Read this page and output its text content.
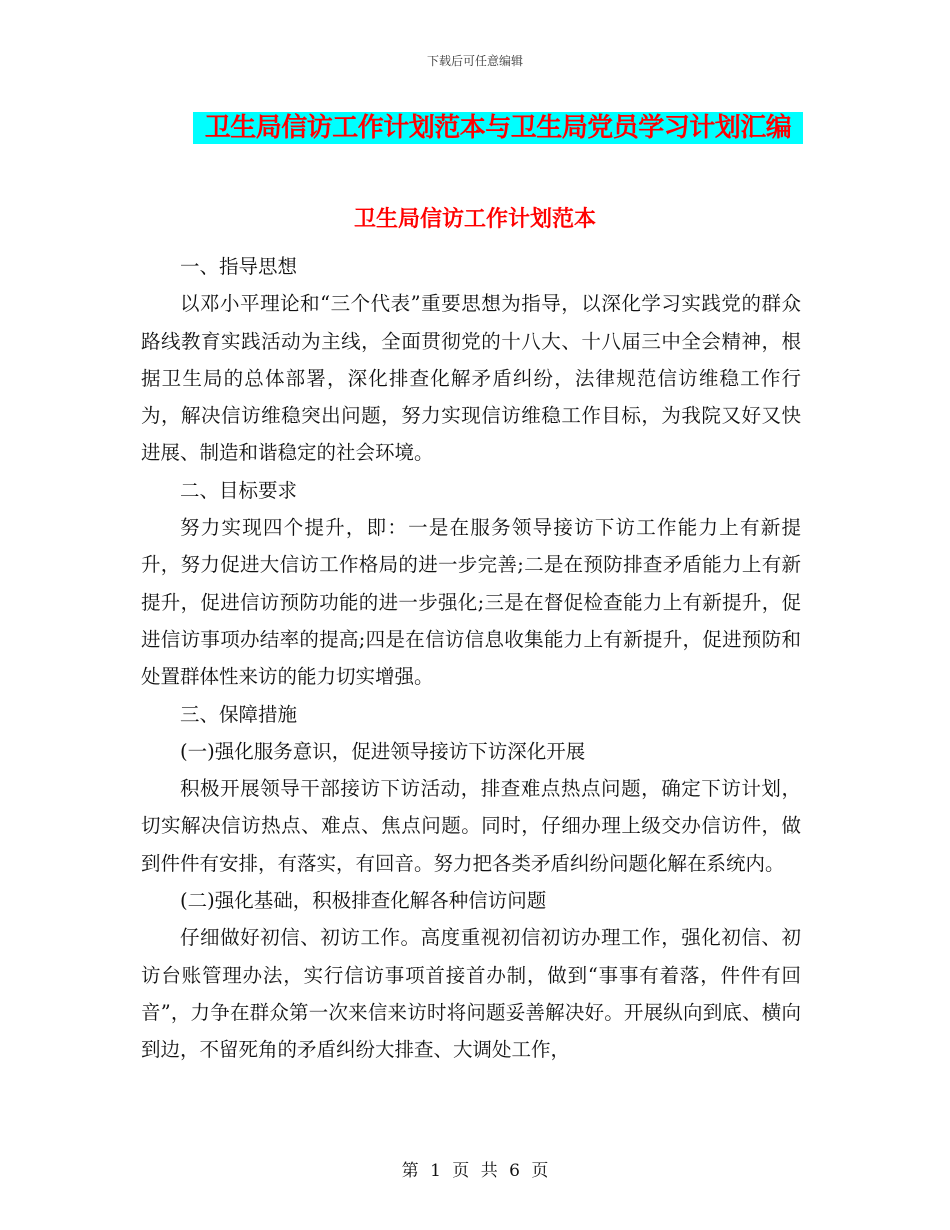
下载后可任意编辑
卫生局信访工作计划范本与卫生局党员学习计划汇编
卫生局信访工作计划范本

一、指导思想

以邓小平理论和“三个代表”重要思想为指导，以深化学习实践党的群众路线教育实践活动为主线，全面贯彻党的十八大、十八届三中全会精神，根据卫生局的总体部署，深化排查化解矛盾纠纷，法律规范信访维稳工作行为，解决信访维稳突出问题，努力实现信访维稳工作目标，为我院又好又快进展、制造和谐稳定的社会环境。

二、目标要求

努力实现四个提升，即：一是在服务领导接访下访工作能力上有新提升，努力促进大信访工作格局的进一步完善;二是在预防排查矛盾能力上有新提升，促进信访预防功能的进一步强化;三是在督促检查能力上有新提升，促进信访事项办结率的提高;四是在信访信息收集能力上有新提升，促进预防和处置群体性来访的能力切实增强。

三、保障措施

(一)强化服务意识，促进领导接访下访深化开展

积极开展领导干部接访下访活动，排查难点热点问题，确定下访计划，切实解决信访热点、难点、焦点问题。同时，仔细办理上级交办信访件，做到件件有安排，有落实，有回音。努力把各类矛盾纠纷问题化解在系统内。

(二)强化基础，积极排查化解各种信访问题

仔细做好初信、初访工作。高度重视初信初访办理工作，强化初信、初访台账管理办法，实行信访事项首接首办制，做到“事事有着落，件件有回音”，力争在群众第一次来信来访时将问题妥善解决好。开展纵向到底、横向到边，不留死角的矛盾纠纷大排查、大调处工作，

第 1 页 共 6 页
